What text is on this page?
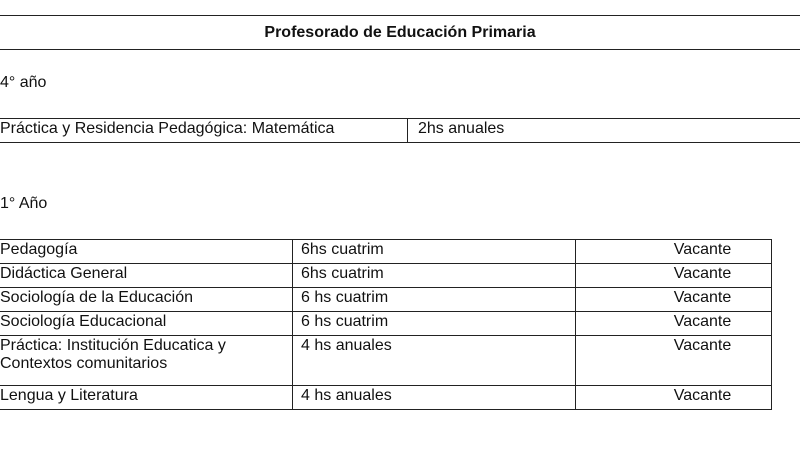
Profesorado de Educación Primaria
4° año
Práctica y Residencia Pedagógica: Matemática	2hs anuales
1° Año
Pedagogía	6hs cuatrim	Vacante
Didáctica General	6hs cuatrim	Vacante
Sociología de la Educación	6 hs cuatrim	Vacante
Sociología Educacional	6 hs cuatrim	Vacante
Práctica: Institución Educatica y Contextos comunitarios	4 hs anuales	Vacante
Lengua y Literatura	4 hs anuales	Vacante
